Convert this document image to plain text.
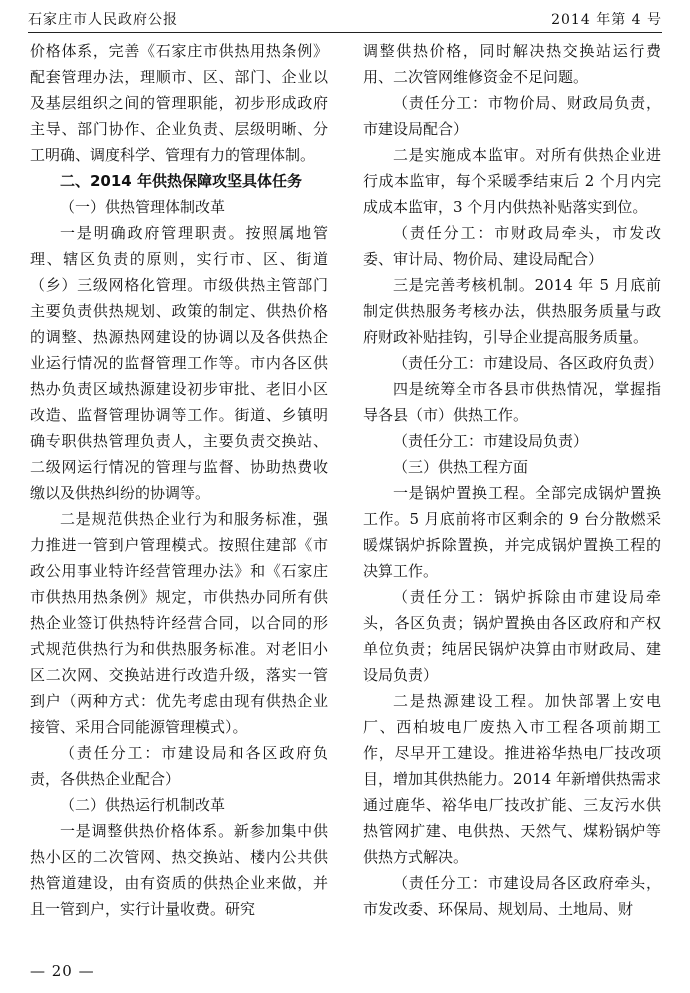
石家庄市人民政府公报	2014 年第 4 号

价格体系，完善《石家庄市供热用热条例》配套管理办法，理顺市、区、部门、企业以及基层组织之间的管理职能，初步形成政府主导、部门协作、企业负责、层级明晰、分工明确、调度科学、管理有力的管理体制。

二、2014 年供热保障攻坚具体任务

（一）供热管理体制改革

一是明确政府管理职责。按照属地管理、辖区负责的原则，实行市、区、街道（乡）三级网格化管理。市级供热主管部门主要负责供热规划、政策的制定、供热价格的调整、热源热网建设的协调以及各供热企业运行情况的监督管理工作等。市内各区供热办负责区域热源建设初步审批、老旧小区改造、监督管理协调等工作。街道、乡镇明确专职供热管理负责人，主要负责交换站、二级网运行情况的管理与监督、协助热费收缴以及供热纠纷的协调等。

二是规范供热企业行为和服务标准，强力推进一管到户管理模式。按照住建部《市政公用事业特许经营管理办法》和《石家庄市供热用热条例》规定，市供热办同所有供热企业签订供热特许经营合同，以合同的形式规范供热行为和供热服务标准。对老旧小区二次网、交换站进行改造升级，落实一管到户（两种方式：优先考虑由现有供热企业接管、采用合同能源管理模式）。

（责任分工：市建设局和各区政府负责，各供热企业配合）

（二）供热运行机制改革

一是调整供热价格体系。新参加集中供热小区的二次管网、热交换站、楼内公共供热管道建设，由有资质的供热企业来做，并且一管到户，实行计量收费。研究

调整供热价格，同时解决热交换站运行费用、二次管网维修资金不足问题。

（责任分工：市物价局、财政局负责，市建设局配合）

二是实施成本监审。对所有供热企业进行成本监审，每个采暖季结束后 2 个月内完成成本监审，3 个月内供热补贴落实到位。

（责任分工：市财政局牵头，市发改委、审计局、物价局、建设局配合）

三是完善考核机制。2014 年 5 月底前制定供热服务考核办法，供热服务质量与政府财政补贴挂钩，引导企业提高服务质量。

（责任分工：市建设局、各区政府负责）

四是统筹全市各县市供热情况，掌握指导各县（市）供热工作。

（责任分工：市建设局负责）

（三）供热工程方面

一是锅炉置换工程。全部完成锅炉置换工作。5 月底前将市区剩余的 9 台分散燃采暖煤锅炉拆除置换，并完成锅炉置换工程的决算工作。

（责任分工：锅炉拆除由市建设局牵头，各区负责；锅炉置换由各区政府和产权单位负责；纯居民锅炉决算由市财政局、建设局负责）

二是热源建设工程。加快部署上安电厂、西柏坡电厂废热入市工程各项前期工作，尽早开工建设。推进裕华热电厂技改项目，增加其供热能力。2014 年新增供热需求通过鹿华、裕华电厂技改扩能、三友污水供热管网扩建、电供热、天然气、煤粉锅炉等供热方式解决。

（责任分工：市建设局各区政府牵头，市发改委、环保局、规划局、土地局、财

— 20 —
